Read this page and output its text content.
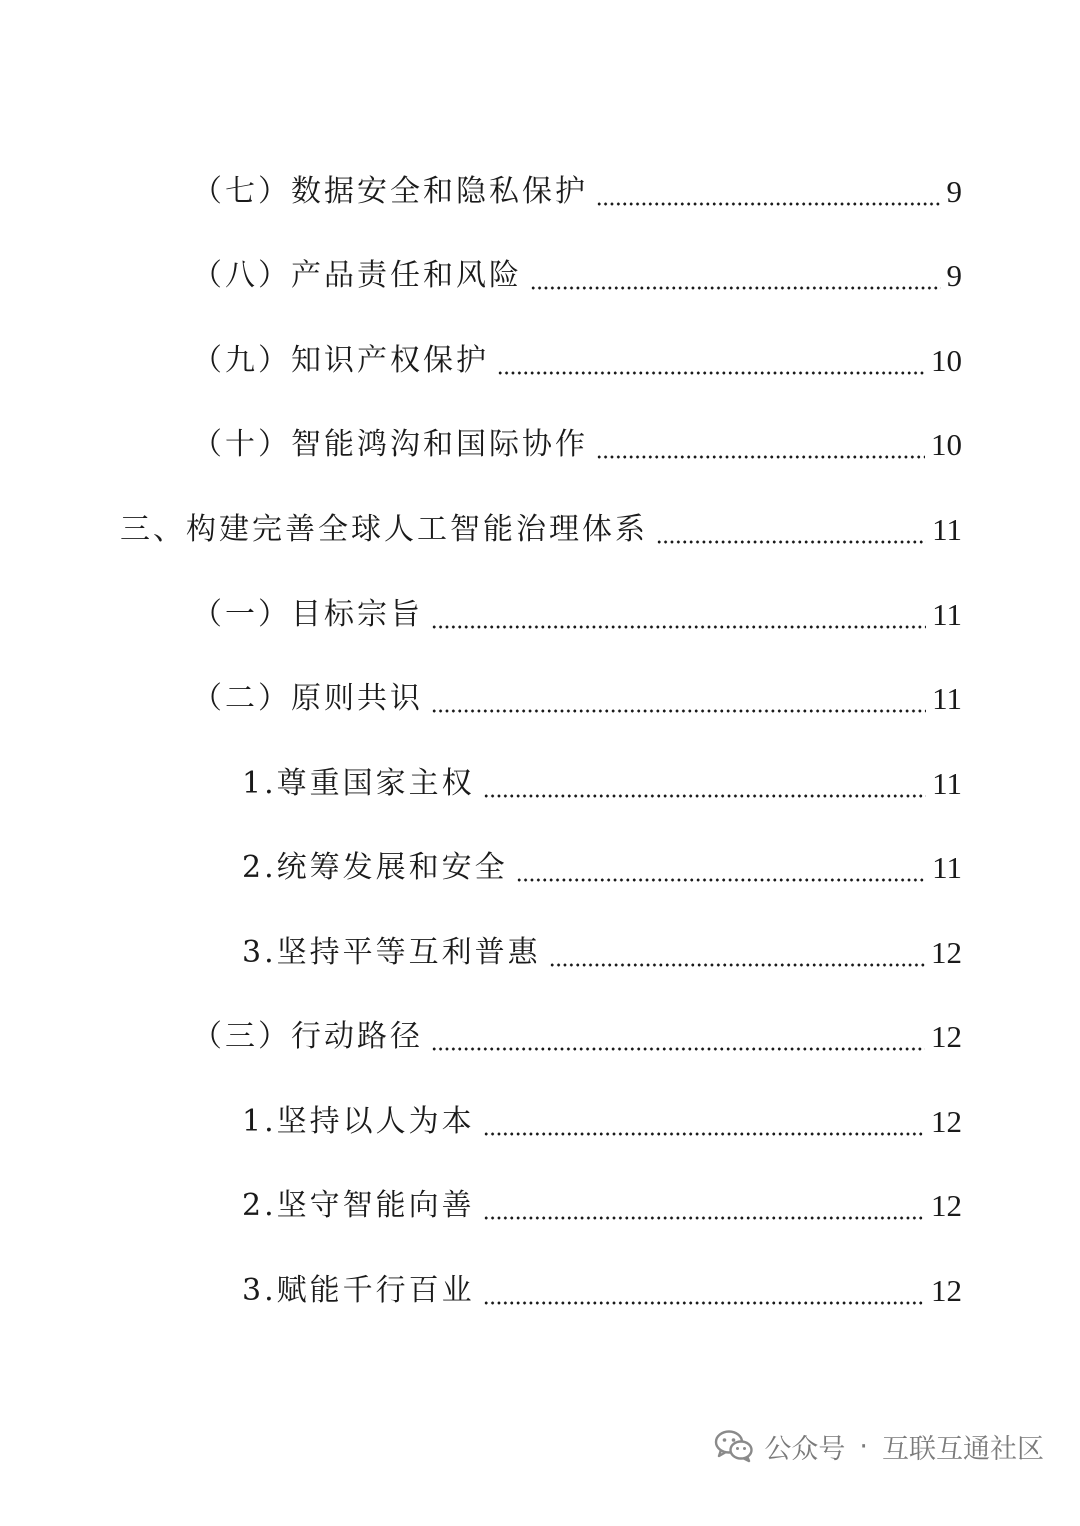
（七）数据安全和隐私保护	9
（八）产品责任和风险	9
（九）知识产权保护	10
（十）智能鸿沟和国际协作	10
三、构建完善全球人工智能治理体系	11
（一）目标宗旨	11
（二）原则共识	11
1.尊重国家主权	11
2.统筹发展和安全	11
3.坚持平等互利普惠	12
（三）行动路径	12
1.坚持以人为本	12
2.坚守智能向善	12
3.赋能千行百业	12
公众号 · 互联互通社区
